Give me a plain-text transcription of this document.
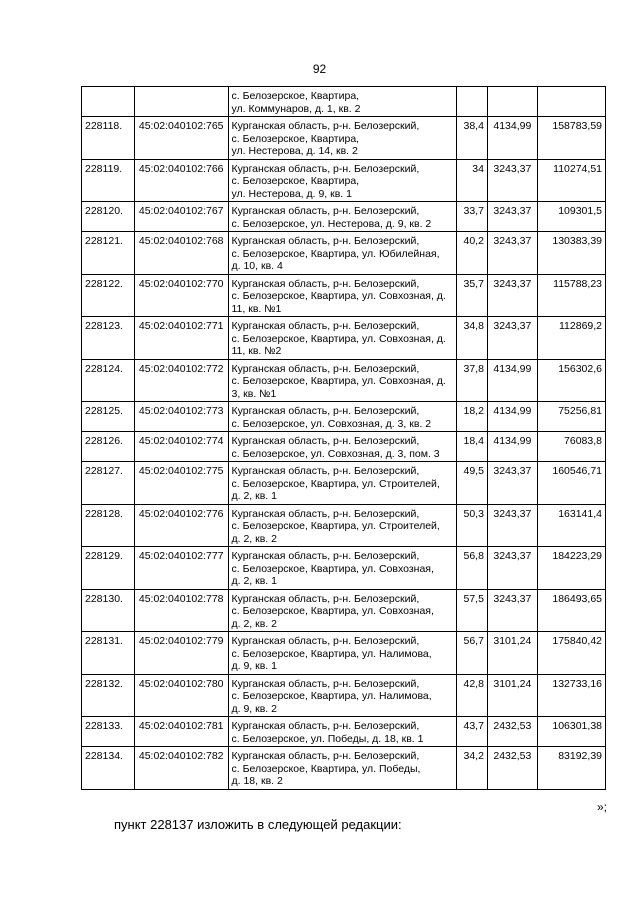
92

		с. Белозерское, Квартира,
ул. Коммунаров, д. 1, кв. 2			

228118.	45:02:040102:765	Курганская область, р-н. Белозерский,
с. Белозерское, Квартира,
ул. Нестерова, д. 14, кв. 2	38,4	4134,99	158783,59
228119.	45:02:040102:766	Курганская область, р-н. Белозерский,
с. Белозерское, Квартира,
ул. Нестерова, д. 9, кв. 1	34	3243,37	110274,51
228120.	45:02:040102:767	Курганская область, р-н. Белозерский,
с. Белозерское, ул. Нестерова, д. 9, кв. 2	33,7	3243,37	109301,5
228121.	45:02:040102:768	Курганская область, р-н. Белозерский,
с. Белозерское, Квартира, ул. Юбилейная,
д. 10, кв. 4	40,2	3243,37	130383,39
228122.	45:02:040102:770	Курганская область, р-н. Белозерский,
с. Белозерское, Квартира, ул. Совхозная, д.
11, кв. №1	35,7	3243,37	115788,23
228123.	45:02:040102:771	Курганская область, р-н. Белозерский,
с. Белозерское, Квартира, ул. Совхозная, д.
11, кв. №2	34,8	3243,37	112869,2
228124.	45:02:040102:772	Курганская область, р-н. Белозерский,
с. Белозерское, Квартира, ул. Совхозная, д.
3, кв. №1	37,8	4134,99	156302,6
228125.	45:02:040102:773	Курганская область, р-н. Белозерский,
с. Белозерское, ул. Совхозная, д. 3, кв. 2	18,2	4134,99	75256,81
228126.	45:02:040102:774	Курганская область, р-н. Белозерский,
с. Белозерское, ул. Совхозная, д. 3, пом. 3	18,4	4134,99	76083,8
228127.	45:02:040102:775	Курганская область, р-н. Белозерский,
с. Белозерское, Квартира, ул. Строителей,
д. 2, кв. 1	49,5	3243,37	160546,71
228128.	45:02:040102:776	Курганская область, р-н. Белозерский,
с. Белозерское, Квартира, ул. Строителей,
д. 2, кв. 2	50,3	3243,37	163141,4
228129.	45:02:040102:777	Курганская область, р-н. Белозерский,
с. Белозерское, Квартира, ул. Совхозная,
д. 2, кв. 1	56,8	3243,37	184223,29
228130.	45:02:040102:778	Курганская область, р-н. Белозерский,
с. Белозерское, Квартира, ул. Совхозная,
д. 2, кв. 2	57,5	3243,37	186493,65
228131.	45:02:040102:779	Курганская область, р-н. Белозерский,
с. Белозерское, Квартира, ул. Налимова,
д. 9, кв. 1	56,7	3101,24	175840,42
228132.	45:02:040102:780	Курганская область, р-н. Белозерский,
с. Белозерское, Квартира, ул. Налимова,
д. 9, кв. 2	42,8	3101,24	132733,16
228133.	45:02:040102:781	Курганская область, р-н. Белозерский,
с. Белозерское, ул. Победы, д. 18, кв. 1	43,7	2432,53	106301,38
228134.	45:02:040102:782	Курганская область, р-н. Белозерский,
с. Белозерское, Квартира, ул. Победы,
д. 18, кв. 2	34,2	2432,53	83192,39
»;
пункт 228137 изложить в следующей редакции:
